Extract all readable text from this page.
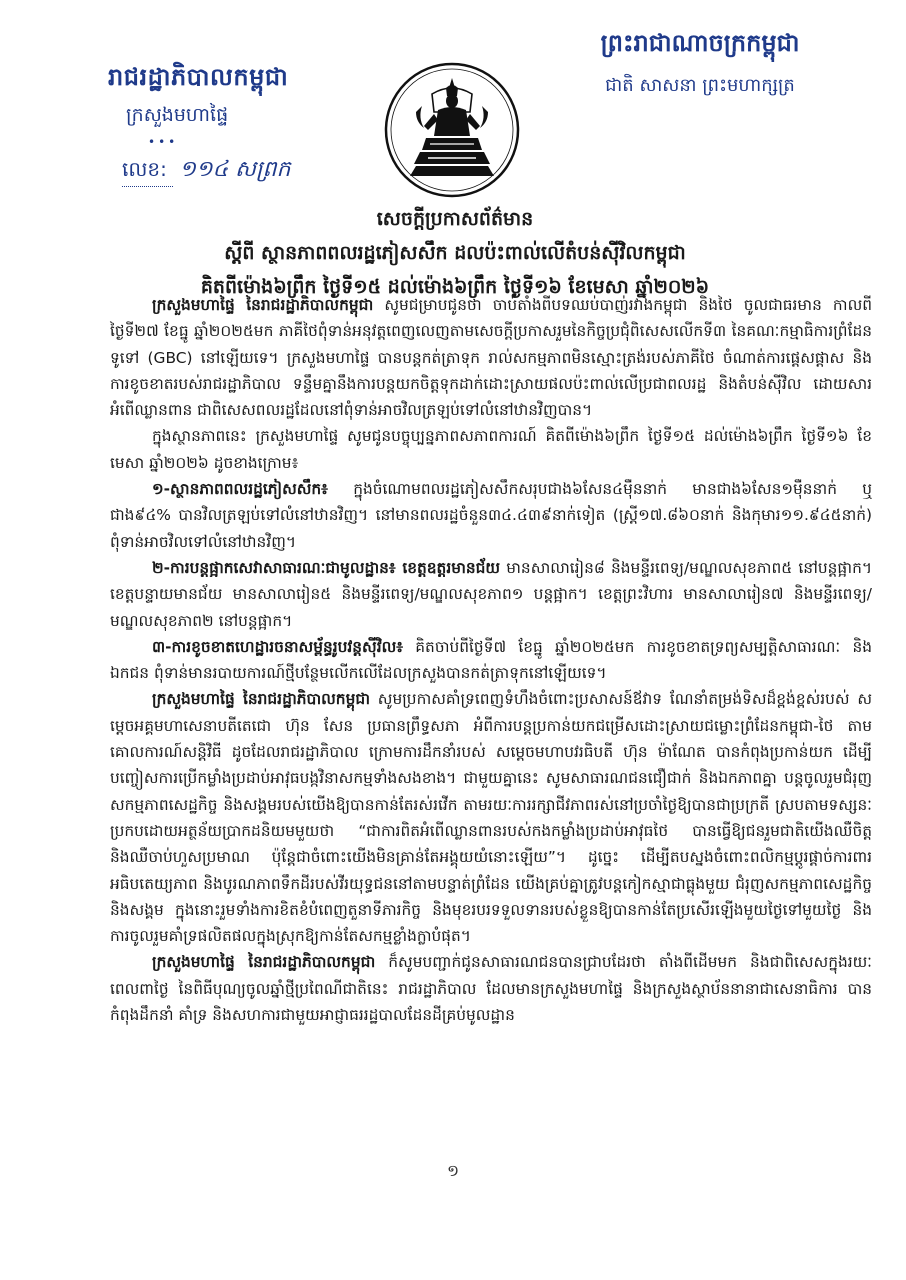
រាជរដ្ឋាភិបាលកម្ពុជា
ក្រសួងមហាផ្ទៃ
•••
លេខ: ១១៤ សព្រក
ព្រះរាជាណាចក្រកម្ពុជា
ជាតិ សាសនា ព្រះមហាក្សត្រ
សេចក្តីប្រកាសព័ត៌មាន
ស្តីពី ស្ថានភាពពលរដ្ឋភៀសសឹក ដលប៉ះពាល់លើតំបន់ស៊ីវិលកម្ពុជា
គិតពីម៉ោង៦ព្រឹក ថ្ងៃទី១៥ ដល់ម៉ោង៦ព្រឹក ថ្ងៃទី១៦ ខែមេសា ឆ្នាំ២០២៦

ក្រសួងមហាផ្ទៃ នៃរាជរដ្ឋាភិបាលកម្ពុជា សូមជម្រាបជូនថា ចាប់តាំងពីបទឈប់បាញ់រវាងកម្ពុជា និងថៃ ចូលជាធរមាន កាលពីថ្ងៃទី២៧ ខែធ្នូ ឆ្នាំ២០២៥មក ភាគីថៃពុំទាន់អនុវត្តពេញលេញតាមសេចក្តីប្រកាសរួមនៃកិច្ចប្រជុំពិសេសលើកទី៣ នៃគណៈកម្មាធិការព្រំដែនទូទៅ (GBC) នៅឡើយទេ។ ក្រសួងមហាផ្ទៃ បានបន្តកត់ត្រាទុក រាល់សកម្មភាពមិនស្មោះត្រង់របស់ភាគីថៃ ចំណាត់ការផ្តេសផ្តាស និងការខូចខាតរបស់រាជរដ្ឋាភិបាល ទន្ទឹមគ្នានឹងការបន្តយកចិត្តទុកដាក់ដោះស្រាយផលប៉ះពាល់លើប្រជាពលរដ្ឋ និងតំបន់ស៊ីវិល ដោយសារអំពើឈ្លានពាន ជាពិសេសពលរដ្ឋដែលនៅពុំទាន់អាចវិលត្រឡប់ទៅលំនៅឋានវិញបាន។

ក្នុងស្ថានភាពនេះ ក្រសួងមហាផ្ទៃ សូមជូនបច្ចុប្បន្នភាពសភាពការណ៍ គិតពីម៉ោង៦ព្រឹក ថ្ងៃទី១៥ ដល់ម៉ោង៦ព្រឹក ថ្ងៃទី១៦ ខែមេសា ឆ្នាំ២០២៦ ដូចខាងក្រោម៖

១-ស្ថានភាពពលរដ្ឋភៀសសឹក៖ ក្នុងចំណោមពលរដ្ឋភៀសសឹកសរុបជាង៦សែន៤ម៉ឺននាក់ មានជាង៦សែន១ម៉ឺននាក់ ឬ ជាង៩៤% បានវិលត្រឡប់ទៅលំនៅឋានវិញ។ នៅមានពលរដ្ឋចំនួន៣៤.៤៣៩នាក់ទៀត (ស្ត្រី១៧.៨៦០នាក់ និងកុមារ១១.៩៤៥នាក់) ពុំទាន់អាចវិលទៅលំនៅឋានវិញ។

២-ការបន្តផ្អាកសេវាសាធារណៈជាមូលដ្ឋាន៖ ខេត្តឧត្តរមានជ័យ មានសាលារៀន៨ និងមន្ទីរពេទ្យ/មណ្ឌលសុខភាព៥ នៅបន្តផ្អាក។ ខេត្តបន្ទាយមានជ័យ មានសាលារៀន៥ និងមន្ទីរពេទ្យ/មណ្ឌលសុខភាព១ បន្តផ្អាក។ ខេត្តព្រះវិហារ មានសាលារៀន៧ និងមន្ទីរពេទ្យ/មណ្ឌលសុខភាព២ នៅបន្តផ្អាក។

៣-ការខូចខាតហេដ្ឋារចនាសម្ព័ន្ធរូបវន្តស៊ីវិល៖ គិតចាប់ពីថ្ងៃទី៧ ខែធ្នូ ឆ្នាំ២០២៥មក ការខូចខាតទ្រព្យសម្បត្តិសាធារណៈ និងឯកជន ពុំទាន់មានរបាយការណ៍ថ្មីបន្ថែមលើកលើដែលក្រសួងបានកត់ត្រាទុកនៅឡើយទេ។

ក្រសួងមហាផ្ទៃ នៃរាជរដ្ឋាភិបាលកម្ពុជា សូមប្រកាសគាំទ្រពេញទំហឹងចំពោះប្រសាសន៍ឪវាទ ណែនាំតម្រង់ទិសដ៏ខ្ពង់ខ្ពស់របស់ សម្តេចអគ្គមហាសេនាបតីតេជោ ហ៊ុន សែន ប្រធានព្រឹទ្ធសភា អំពីការបន្តប្រកាន់យកជម្រើសដោះស្រាយជម្លោះព្រំដែនកម្ពុជា-ថៃ តាមគោលការណ៍សន្តិវិធី ដូចដែលរាជរដ្ឋាភិបាល ក្រោមការដឹកនាំរបស់ សម្តេចមហាបវរធិបតី ហ៊ុន ម៉ាណែត បានកំពុងប្រកាន់យក ដើម្បីបញ្ចៀសការប្រើកម្លាំងប្រដាប់អាវុធបង្កវិនាសកម្មទាំងសងខាង។ ជាមួយគ្នានេះ សូមសាធារណជនជឿជាក់ និងឯកភាពគ្នា បន្តចូលរួមជំរុញសកម្មភាពសេដ្ឋកិច្ច និងសង្គមរបស់យើងឱ្យបានកាន់តែរស់រវើក តាមរយៈការរក្សាជីវភាពរស់នៅប្រចាំថ្ងៃឱ្យបានជាប្រក្រតី ស្របតាមទស្សនៈប្រកបដោយអត្ថន័យប្រាកដនិយមមួយថា “ជាការពិតអំពើឈ្លានពានរបស់កងកម្លាំងប្រដាប់អាវុធថៃ បានធ្វើឱ្យជនរួមជាតិយើងឈឺចិត្ត និងឈឺចាប់ហួសប្រមាណ ប៉ុន្តែជាចំពោះយើងមិនគ្រាន់តែអង្គុយយំនោះឡើយ”។ ដូច្នេះ ដើម្បីតបស្នងចំពោះពលិកម្មប្តូរផ្តាច់ការពារអធិបតេយ្យភាព និងបូរណភាពទឹកដីរបស់វីរយុទ្ធជននៅតាមបន្ទាត់ព្រំដែន យើងគ្រប់គ្នាត្រូវបន្តកៀកស្មាជាធ្លុងមួយ ជំរុញសកម្មភាពសេដ្ឋកិច្ច និងសង្គម ក្នុងនោះរួមទាំងការខិតខំបំពេញតួនាទីភារកិច្ច និងមុខរបរទទួលទានរបស់ខ្លួនឱ្យបានកាន់តែប្រសើរឡើងមួយថ្ងៃទៅមួយថ្ងៃ និងការចូលរួមគាំទ្រផលិតផលក្នុងស្រុកឱ្យកាន់តែសកម្មខ្លាំងក្លាបំផុត។

ក្រសួងមហាផ្ទៃ នៃរាជរដ្ឋាភិបាលកម្ពុជា ក៏សូមបញ្ជាក់ជូនសាធារណជនបានជ្រាបដែរថា តាំងពីដើមមក និងជាពិសេសក្នុងរយៈពេលពាថ្ងៃ នៃពិធីបុណ្យចូលឆ្នាំថ្មីប្រពៃណីជាតិនេះ រាជរដ្ឋាភិបាល ដែលមានក្រសួងមហាផ្ទៃ និងក្រសួងស្ថាប័ននានាជាសេនាធិការ បានកំពុងដឹកនាំ គាំទ្រ និងសហការជាមួយអាជ្ញាធររដ្ឋបាលដែនដីគ្រប់មូលដ្ឋាន

១
